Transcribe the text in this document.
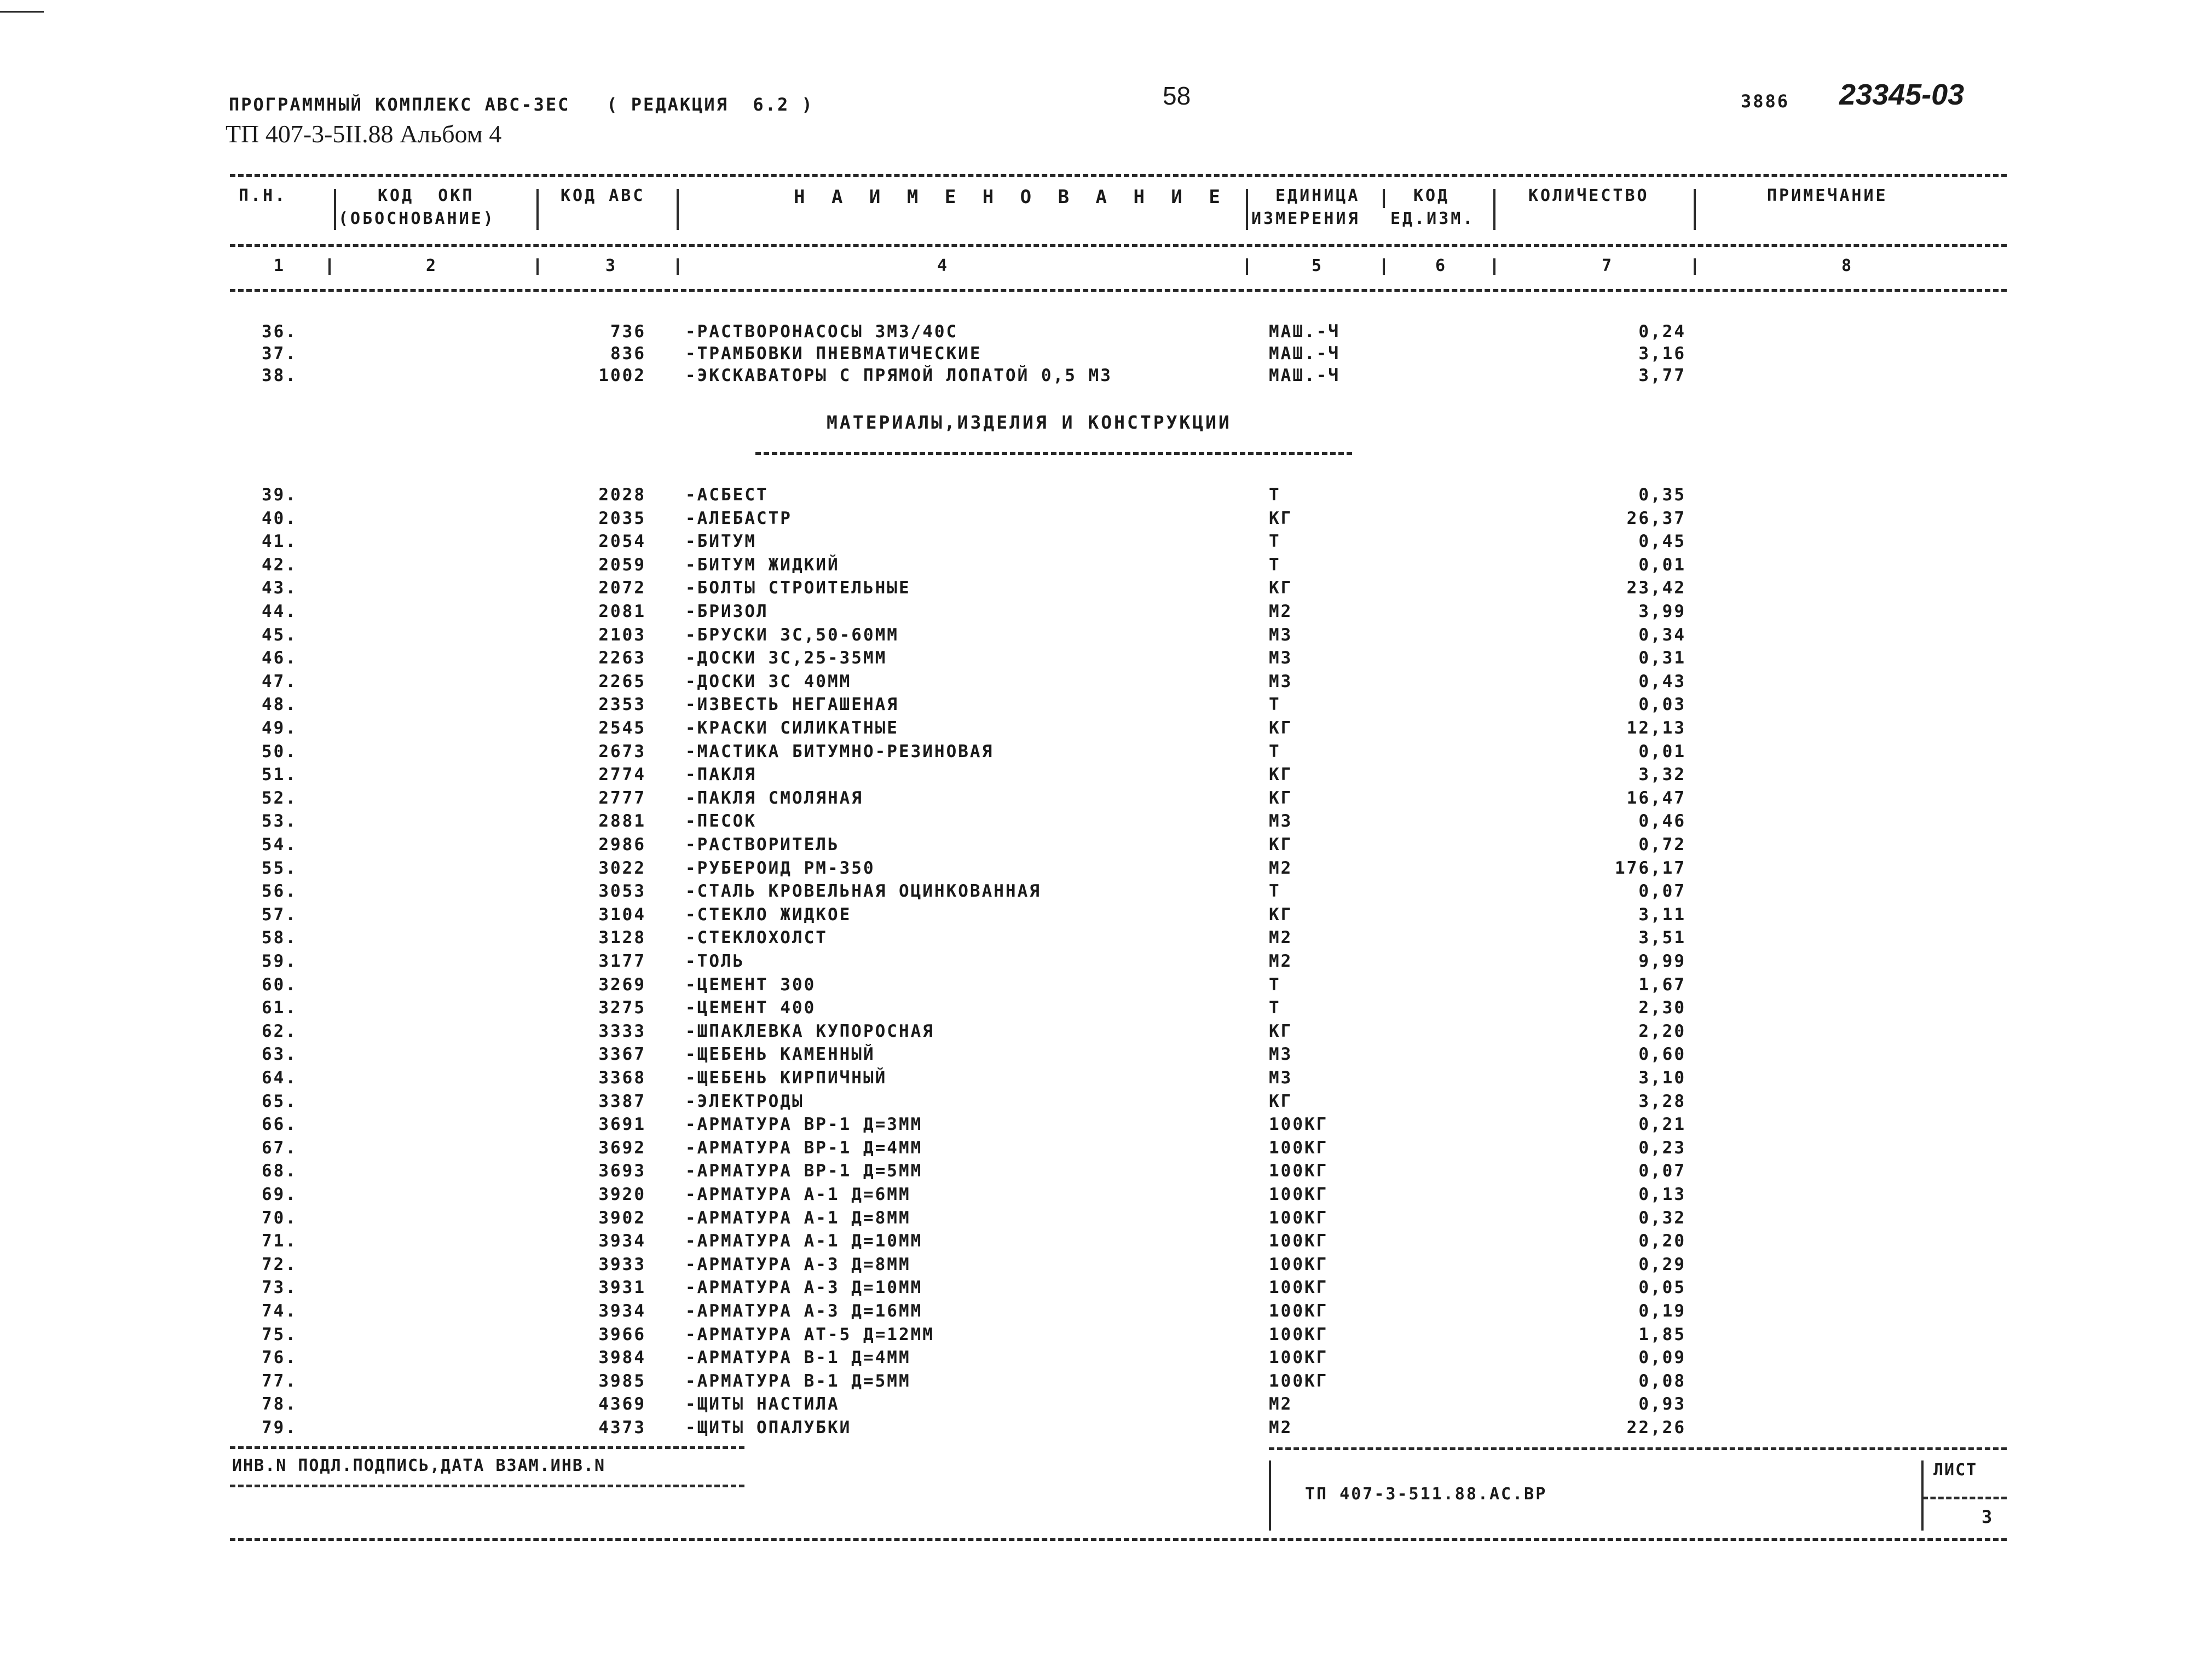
ПРОГРАММНЫЙ КОМПЛЕКС АВС-ЗЕС   ( РЕДАКЦИЯ  6.2 )
ТП 407-3-5II.88 Альбом 4
58	3886 23345-03
П.Н.	КОД  ОКП
(ОБОСНОВАНИЕ)
КОД АВС	Н А И М Е Н О В А Н И Е	ЕДИНИЦА
ИЗМЕРЕНИЯ
КОД
ЕД.ИЗМ.
КОЛИЧЕСТВО	ПРИМЕЧАНИЕ
1	2	3	4	5	6	7	8
36.	736 -РАСТВОРОНАСОСЫ 3М3/40С	МАШ.-Ч	0,24
37.	836 -ТРАМБОВКИ ПНЕВМАТИЧЕСКИЕ	МАШ.-Ч	3,16
38.	1002 -ЭКСКАВАТОРЫ С ПРЯМОЙ ЛОПАТОЙ 0,5 М3	МАШ.-Ч	3,77
МАТЕРИАЛЫ,ИЗДЕЛИЯ И КОНСТРУКЦИИ
39.	2028 -АСБЕСТ	Т	0,35
40.	2035 -АЛЕБАСТР	КГ	26,37
41.	2054 -БИТУМ	Т	0,45
42.	2059 -БИТУМ ЖИДКИЙ	Т	0,01
43.	2072 -БОЛТЫ СТРОИТЕЛЬНЫЕ	КГ	23,42
44.	2081 -БРИЗОЛ	М2	3,99
45.	2103 -БРУСКИ 3С,50-60ММ	М3	0,34
46.	2263 -ДОСКИ 3С,25-35ММ	М3	0,31
47.	2265 -ДОСКИ 3С 40ММ	М3	0,43
48.	2353 -ИЗВЕСТЬ НЕГАШЕНАЯ	Т	0,03
49.	2545 -КРАСКИ СИЛИКАТНЫЕ	КГ	12,13
50.	2673 -МАСТИКА БИТУМНО-РЕЗИНОВАЯ	Т	0,01
51.	2774 -ПАКЛЯ	КГ	3,32
52.	2777 -ПАКЛЯ СМОЛЯНАЯ	КГ	16,47
53.	2881 -ПЕСОК	М3	0,46
54.	2986 -РАСТВОРИТЕЛЬ	КГ	0,72
55.	3022 -РУБЕРОИД РМ-350	М2	176,17
56.	3053 -СТАЛЬ КРОВЕЛЬНАЯ ОЦИНКОВАННАЯ	Т	0,07
57.	3104 -СТЕКЛО ЖИДКОЕ	КГ	3,11
58.	3128 -СТЕКЛОХОЛСТ	М2	3,51
59.	3177 -ТОЛЬ	М2	9,99
60.	3269 -ЦЕМЕНТ 300	Т	1,67
61.	3275 -ЦЕМЕНТ 400	Т	2,30
62.	3333 -ШПАКЛЕВКА КУПОРОСНАЯ	КГ	2,20
63.	3367 -ЩЕБЕНЬ КАМЕННЫЙ	М3	0,60
64.	3368 -ЩЕБЕНЬ КИРПИЧНЫЙ	М3	3,10
65.	3387 -ЭЛЕКТРОДЫ	КГ	3,28
66.	3691 -АРМАТУРА ВР-1 Д=3ММ	100КГ	0,21
67.	3692 -АРМАТУРА ВР-1 Д=4ММ	100КГ	0,23
68.	3693 -АРМАТУРА ВР-1 Д=5ММ	100КГ	0,07
69.	3920 -АРМАТУРА А-1 Д=6ММ	100КГ	0,13
70.	3902 -АРМАТУРА А-1 Д=8ММ	100КГ	0,32
71.	3934 -АРМАТУРА А-1 Д=10ММ	100КГ	0,20
72.	3933 -АРМАТУРА А-3 Д=8ММ	100КГ	0,29
73.	3931 -АРМАТУРА А-3 Д=10ММ	100КГ	0,05
74.	3934 -АРМАТУРА А-3 Д=16ММ	100КГ	0,19
75.	3966 -АРМАТУРА АТ-5 Д=12ММ	100КГ	1,85
76.	3984 -АРМАТУРА В-1 Д=4ММ	100КГ	0,09
77.	3985 -АРМАТУРА В-1 Д=5ММ	100КГ	0,08
78.	4369 -ЩИТЫ НАСТИЛА	М2	0,93
79.	4373 -ЩИТЫ ОПАЛУБКИ	М2	22,26
ИНВ.N ПОДЛ.ПОДПИСЬ,ДАТА ВЗАМ.ИНВ.N
ТП 407-3-511.88.АС.ВР
ЛИСТ
3
